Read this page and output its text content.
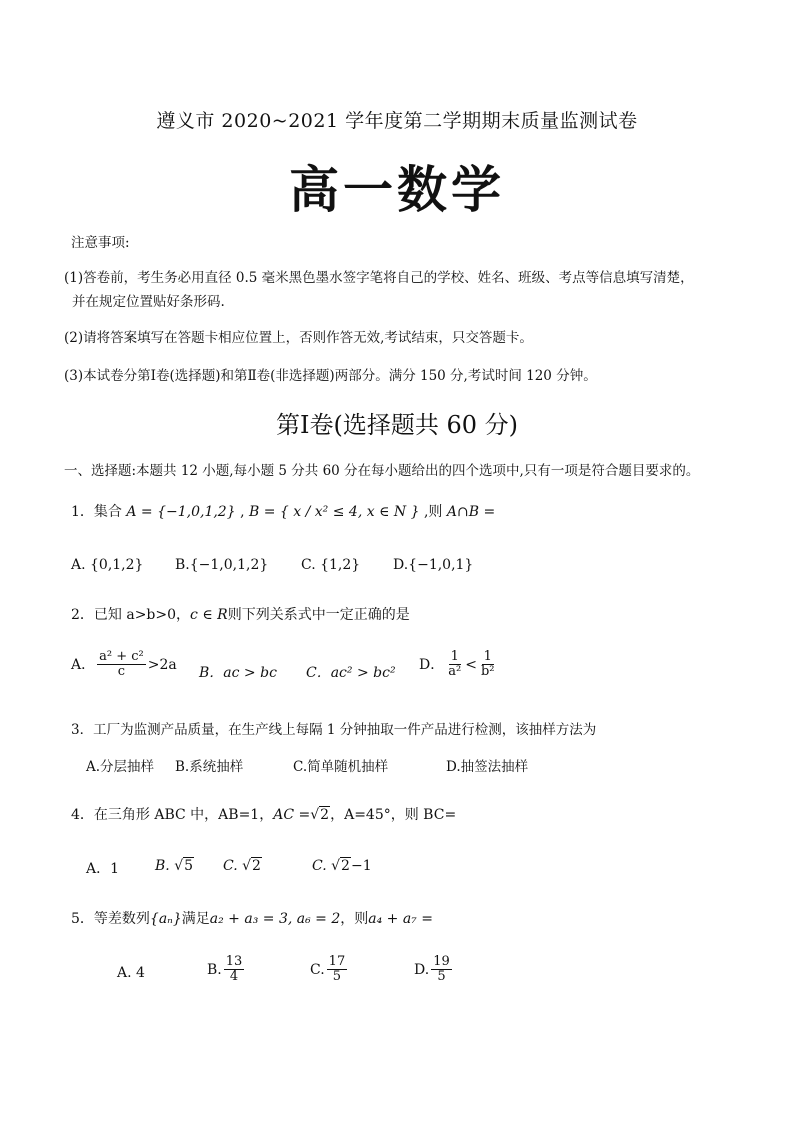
遵义市 2020~2021 学年度第二学期期末质量监测试卷
高一数学
注意事项:
(1)答卷前，考生务必用直径 0.5 毫米黑色墨水签字笔将自己的学校、姓名、班级、考点等信息填写清楚，
并在规定位置贴好条形码.
(2)请将答案填写在答题卡相应位置上，否则作答无效,考试结束，只交答题卡。
(3)本试卷分第Ⅰ卷(选择题)和第Ⅱ卷(非选择题)两部分。满分 150 分,考试时间 120 分钟。
第Ⅰ卷(选择题共 60 分)
一、选择题:本题共 12 小题,每小题 5 分共 60 分在每小题给出的四个选项中,只有一项是符合题目要求的。
1．集合 A = {−1,0,1,2} , B = { x / x² ≤ 4, x ∈ N } ,则 A∩B =
A. {0,1,2} B.{−1,0,1,2} C. {1,2} D.{−1,0,1}
2．已知 a>b>0，c ∈ R则下列关系式中一定正确的是
A． $\frac{\text{a² + c²}}{c} >2a$
B．ac > bc C．ac² > bc²
D． $\frac{1}{\text{a²}} < \frac{1}{\text{b²}}$
3．工厂为监测产品质量，在生产线上每隔 1 分钟抽取一件产品进行检测，该抽样方法为
A.分层抽样 B.系统抽样	C.简单随机抽样	D.抽签法抽样
4．在三角形 ABC 中，AB=1，AC =√2，A=45°，则 BC=
A．1	B. √5 C. √2	C. √2−1
5．等差数列{aₙ}满足a₂ + a₃ = 3, a₆ = 2，则a₄ + a₇ =
A. 4	B. $\frac{13}{4}$	C. $\frac{17}{5}$	D. $\frac{19}{5}$
